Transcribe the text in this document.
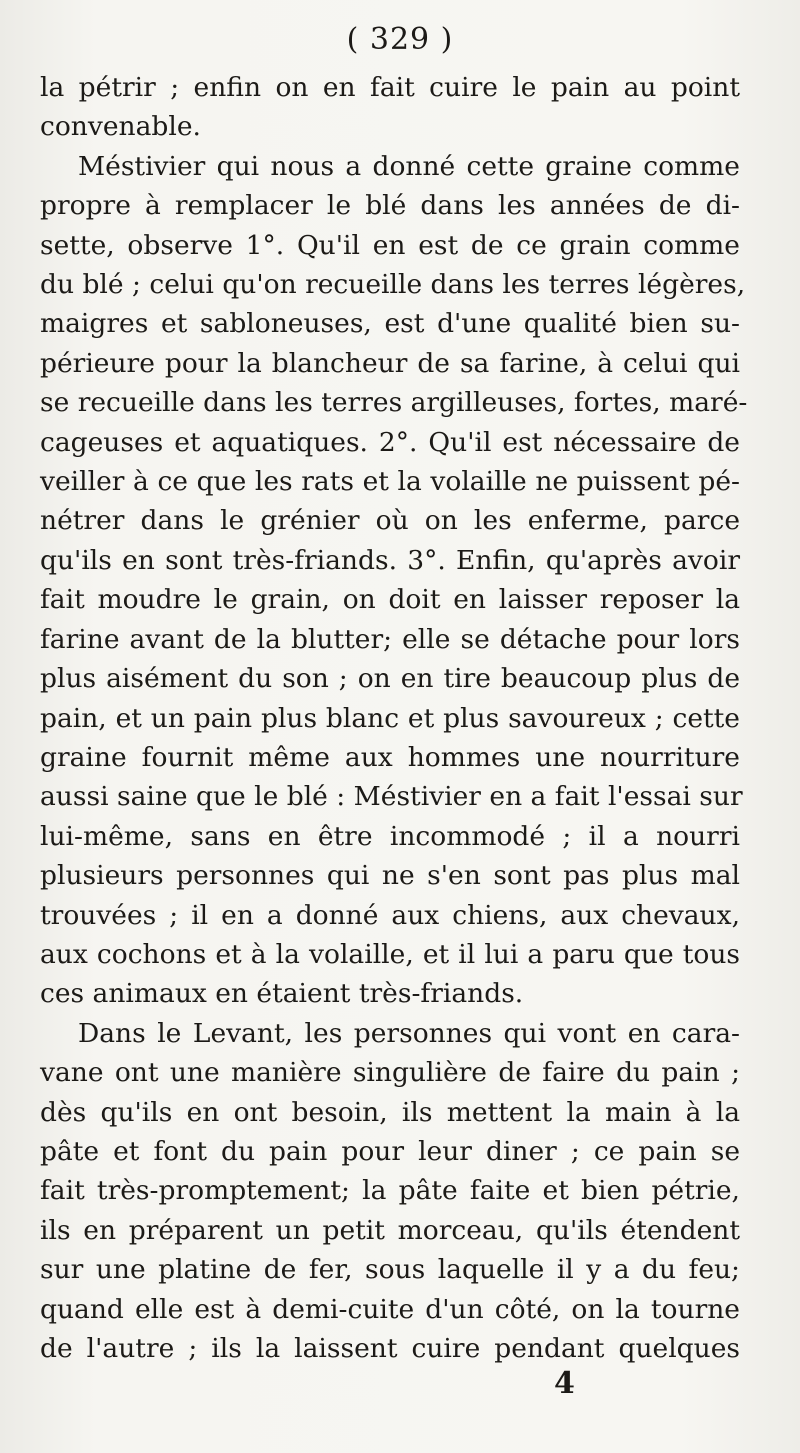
( 329 )
la pétrir ; enfin on en fait cuire le pain au point
convenable.
Méstivier qui nous a donné cette graine comme
propre à remplacer le blé dans les années de di-
sette, observe 1°. Qu'il en est de ce grain comme
du blé ; celui qu'on recueille dans les terres légères,
maigres et sabloneuses, est d'une qualité bien su-
périeure pour la blancheur de sa farine, à celui qui
se recueille dans les terres argilleuses, fortes, maré-
cageuses et aquatiques. 2°. Qu'il est nécessaire de
veiller à ce que les rats et la volaille ne puissent pé-
nétrer dans le grénier où on les enferme, parce
qu'ils en sont très-friands. 3°. Enfin, qu'après avoir
fait moudre le grain, on doit en laisser reposer la
farine avant de la blutter; elle se détache pour lors
plus aisément du son ; on en tire beaucoup plus de
pain, et un pain plus blanc et plus savoureux ; cette
graine fournit même aux hommes une nourriture
aussi saine que le blé : Méstivier en a fait l'essai sur
lui-même, sans en être incommodé ; il a nourri
plusieurs personnes qui ne s'en sont pas plus mal
trouvées ; il en a donné aux chiens, aux chevaux,
aux cochons et à la volaille, et il lui a paru que tous
ces animaux en étaient très-friands.
Dans le Levant, les personnes qui vont en cara-
vane ont une manière singulière de faire du pain ;
dès qu'ils en ont besoin, ils mettent la main à la
pâte et font du pain pour leur diner ; ce pain se
fait très-promptement; la pâte faite et bien pétrie,
ils en préparent un petit morceau, qu'ils étendent
sur une platine de fer, sous laquelle il y a du feu;
quand elle est à demi-cuite d'un côté, on la tourne
de l'autre ; ils la laissent cuire pendant quelques
4
